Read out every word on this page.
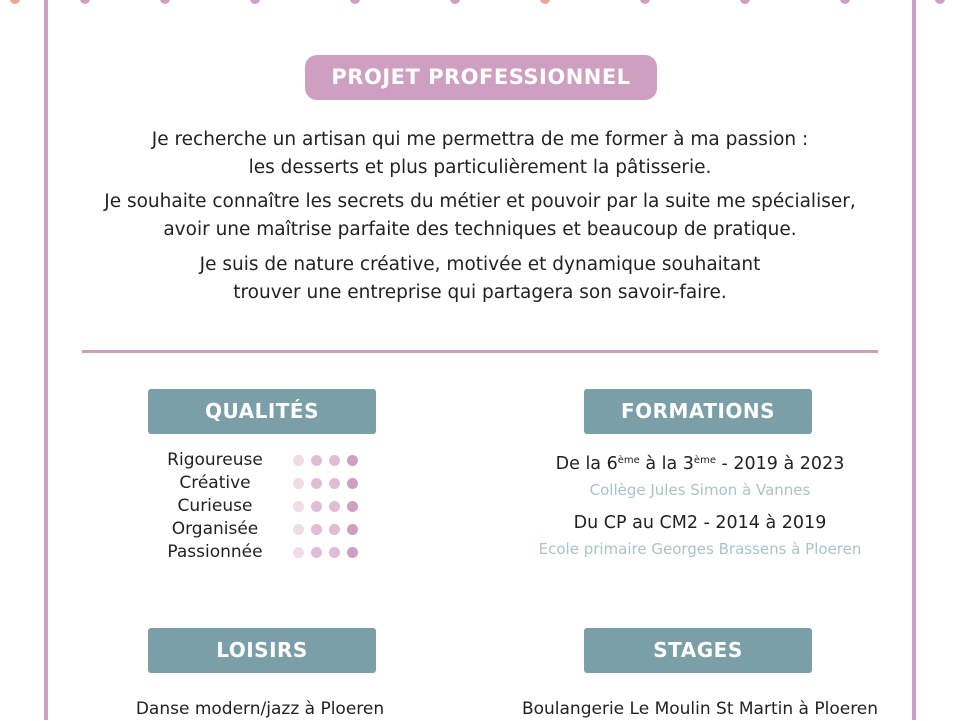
PROJET PROFESSIONNEL

Je recherche un artisan qui me permettra de me former à ma passion :

les desserts et plus particulièrement la pâtisserie.

Je souhaite connaître les secrets du métier et pouvoir par la suite me spécialiser,

avoir une maîtrise parfaite des techniques et beaucoup de pratique.

Je suis de nature créative, motivée et dynamique souhaitant

trouver une entreprise qui partagera son savoir-faire.

QUALITÉS
Rigoureuse
Créative
Curieuse
Organisée
Passionnée
FORMATIONS
De la 6ème à la 3ème - 2019 à 2023
Collège Jules Simon à Vannes
Du CP au CM2 - 2014 à 2019
Ecole primaire Georges Brassens à Ploeren
LOISIRS
Danse modern/jazz à Ploeren
STAGES
Boulangerie Le Moulin St Martin à Ploeren
